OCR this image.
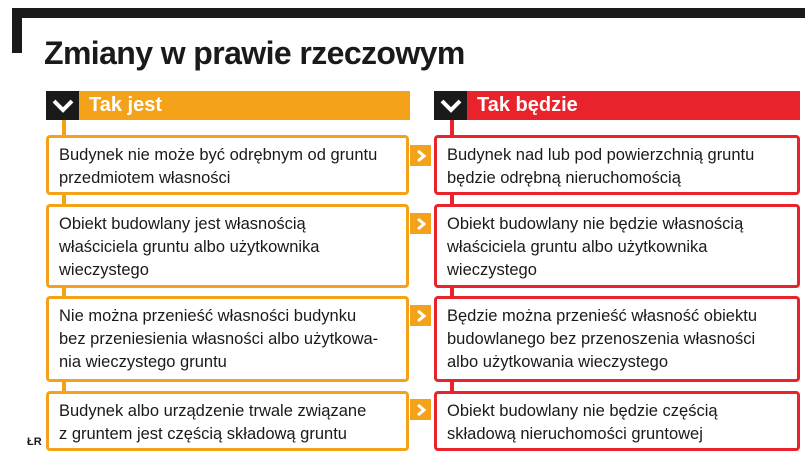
Zmiany w prawie rzeczowym
Tak jest	Tak będzie
Budynek nie może być odrębnym od gruntu
przedmiotem własności
Budynek nad lub pod powierzchnią gruntu
będzie odrębną nieruchomością
Obiekt budowlany jest własnością
właściciela gruntu albo użytkownika
wieczystego
Obiekt budowlany nie będzie własnością
właściciela gruntu albo użytkownika
wieczystego
Nie można przenieść własności budynku
bez przeniesienia własności albo użytkowa-
nia wieczystego gruntu
Będzie można przenieść własność obiektu
budowlanego bez przenoszenia własności
albo użytkowania wieczystego
Budynek albo urządzenie trwale związane
z gruntem jest częścią składową gruntu
Obiekt budowlany nie będzie częścią
składową nieruchomości gruntowej
ŁR
